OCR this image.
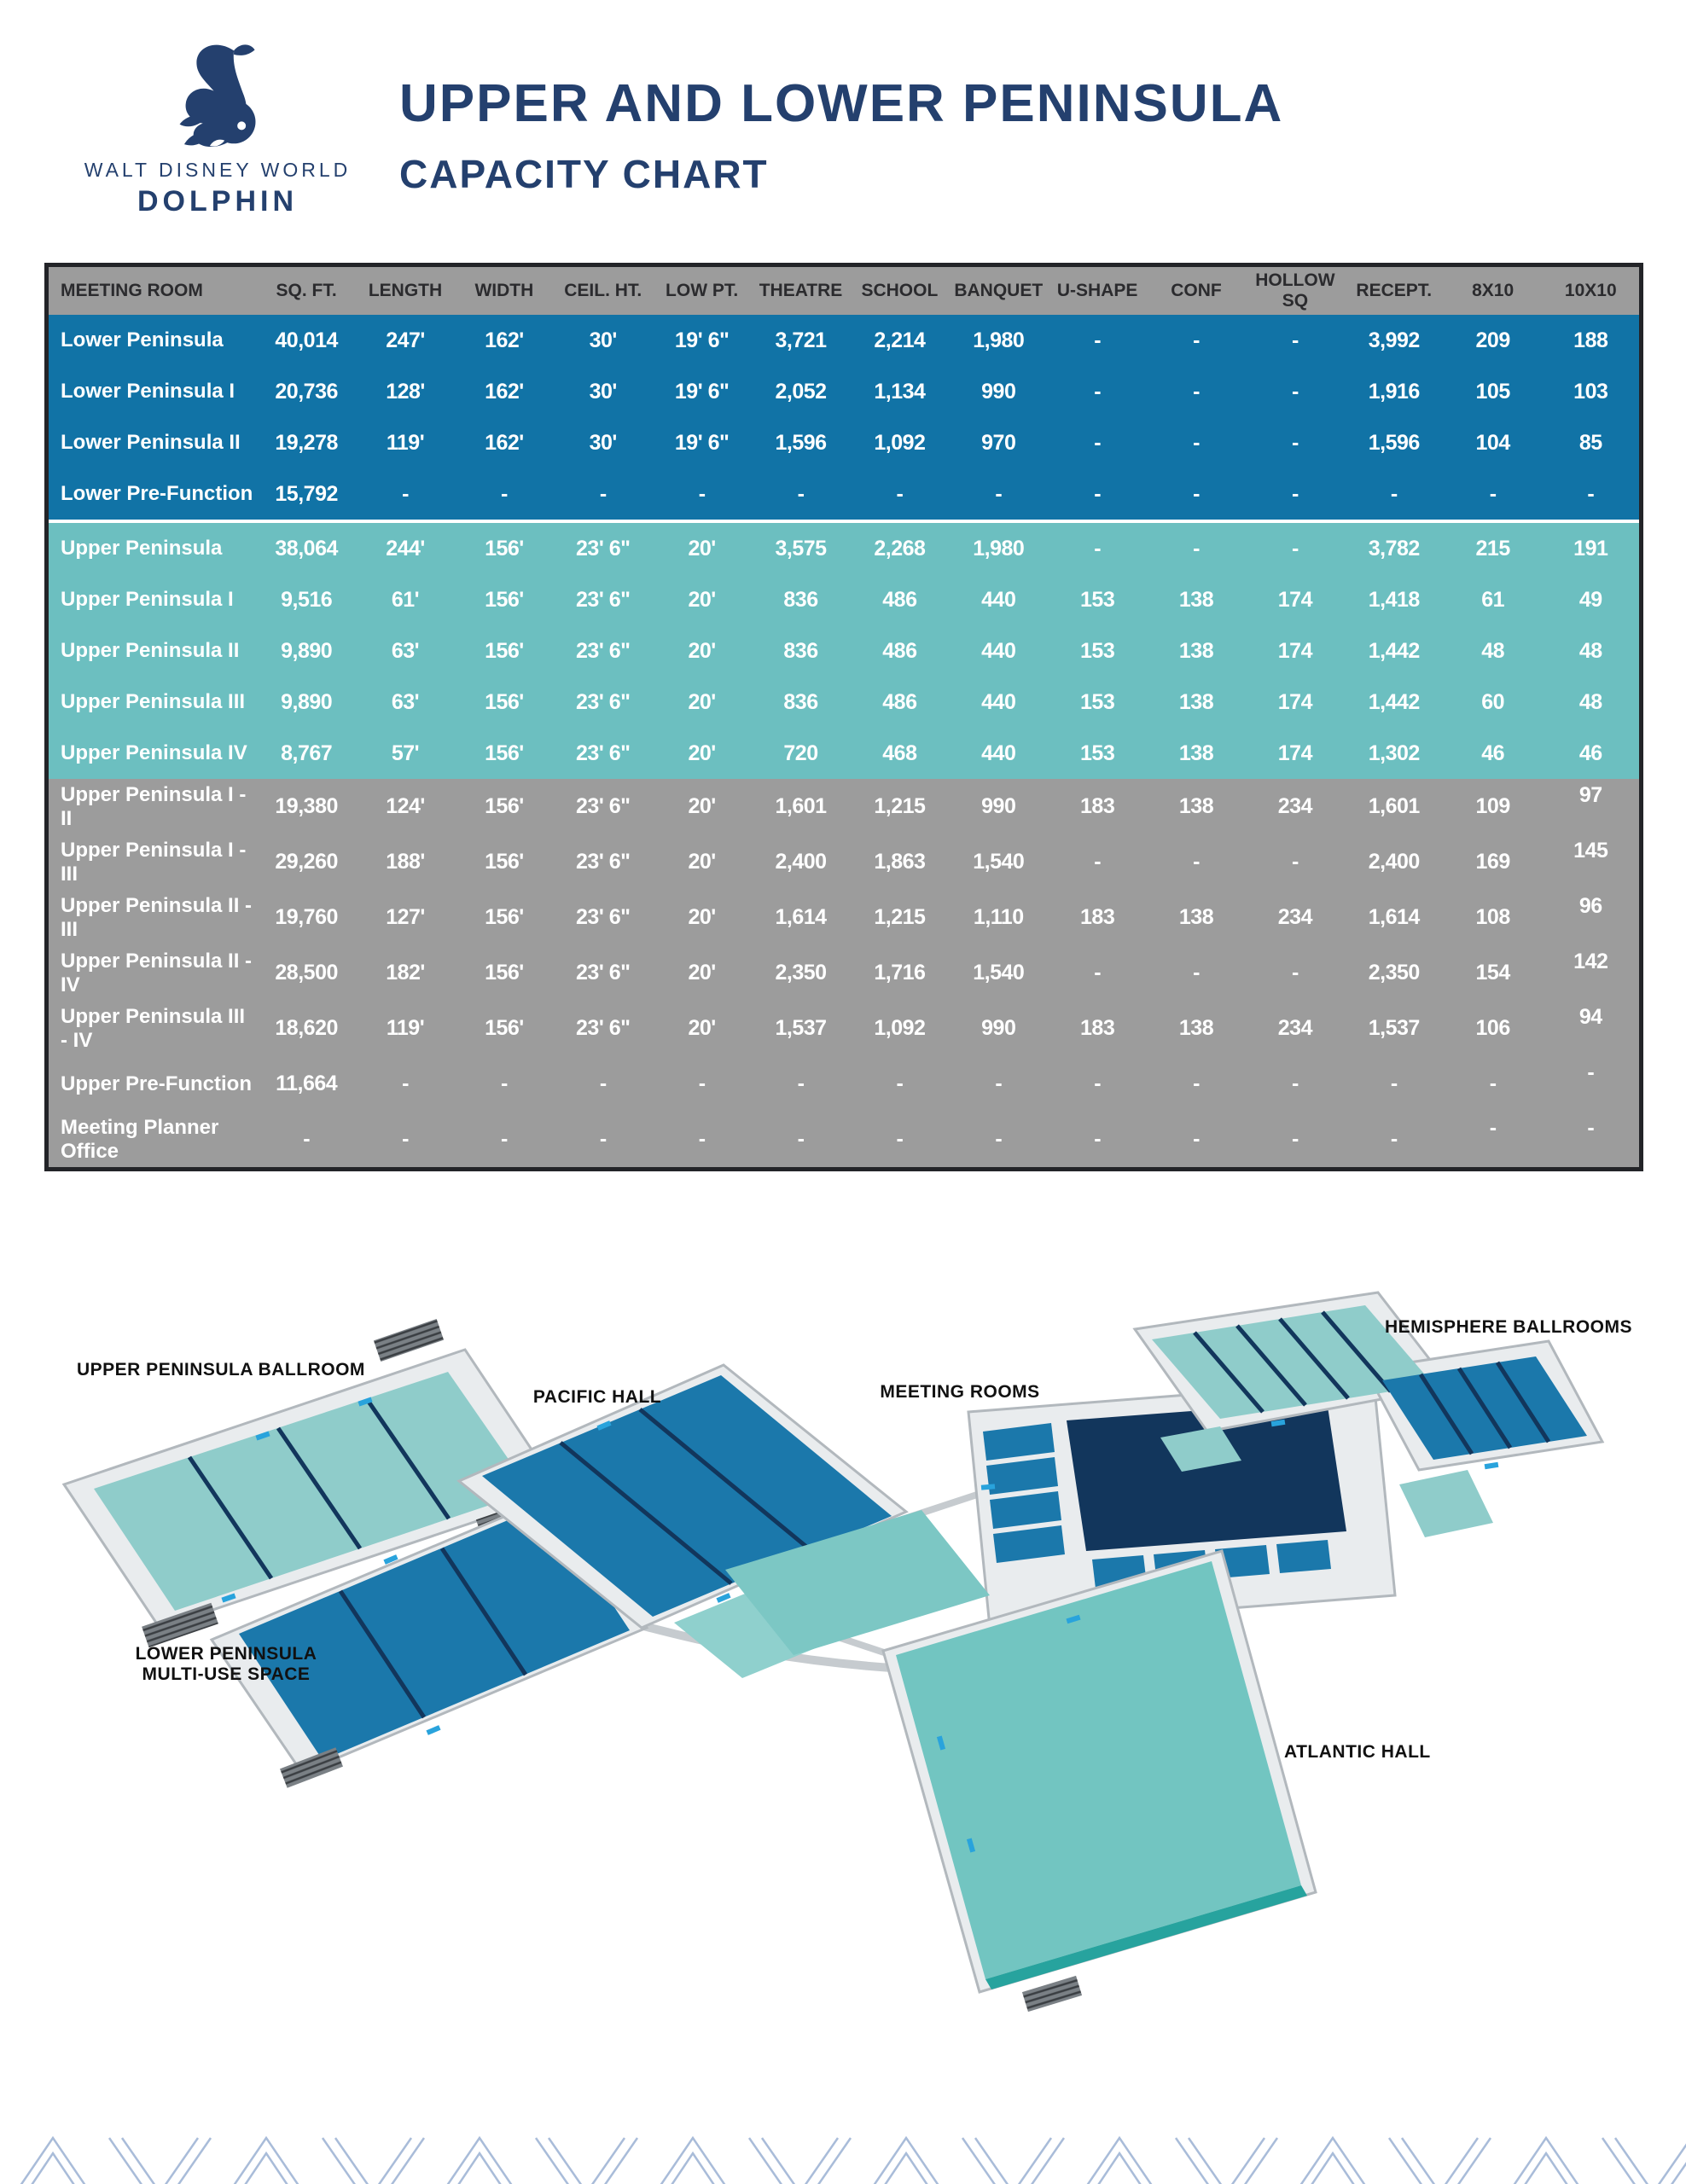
WALT DISNEY WORLD
DOLPHIN
UPPER AND LOWER PENINSULA
CAPACITY CHART
MEETING ROOM	SQ. FT.	LENGTH	WIDTH	CEIL. HT.	LOW PT.	THEATRE	SCHOOL	BANQUET	U-SHAPE	CONF	HOLLOW SQ	RECEPT.	8X10	10X10
Lower Peninsula	40,014	247'	162'	30'	19' 6"	3,721	2,214	1,980	-	-	-	3,992	209	188
Lower Peninsula I	20,736	128'	162'	30'	19' 6"	2,052	1,134	990	-	-	-	1,916	105	103
Lower Peninsula II	19,278	119'	162'	30'	19' 6"	1,596	1,092	970	-	-	-	1,596	104	85
Lower Pre-Function	15,792	-	-	-	-	-	-	-	-	-	-	-	-	-
Upper Peninsula	38,064	244'	156'	23' 6"	20'	3,575	2,268	1,980	-	-	-	3,782	215	191
Upper Peninsula I	9,516	61'	156'	23' 6"	20'	836	486	440	153	138	174	1,418	61	49
Upper Peninsula II	9,890	63'	156'	23' 6"	20'	836	486	440	153	138	174	1,442	48	48
Upper Peninsula III	9,890	63'	156'	23' 6"	20'	836	486	440	153	138	174	1,442	60	48
Upper Peninsula IV	8,767	57'	156'	23' 6"	20'	720	468	440	153	138	174	1,302	46	46
Upper Peninsula I - II	19,380	124'	156'	23' 6"	20'	1,601	1,215	990	183	138	234	1,601	109	97
Upper Peninsula I - III	29,260	188'	156'	23' 6"	20'	2,400	1,863	1,540	-	-	-	2,400	169	145
Upper Peninsula II - III	19,760	127'	156'	23' 6"	20'	1,614	1,215	1,110	183	138	234	1,614	108	96
Upper Peninsula II - IV	28,500	182'	156'	23' 6"	20'	2,350	1,716	1,540	-	-	-	2,350	154	142
Upper Peninsula III - IV	18,620	119'	156'	23' 6"	20'	1,537	1,092	990	183	138	234	1,537	106	94
Upper Pre-Function	11,664	-	-	-	-	-	-	-	-	-	-	-	-	-
Meeting Planner Office	-	-	-	-	-	-	-	-	-	-	-	-	-	-
UPPER PENINSULA BALLROOM
PACIFIC HALL	MEETING ROOMS
HEMISPHERE BALLROOMS
LOWER PENINSULA
MULTI-USE SPACE
ATLANTIC HALL
